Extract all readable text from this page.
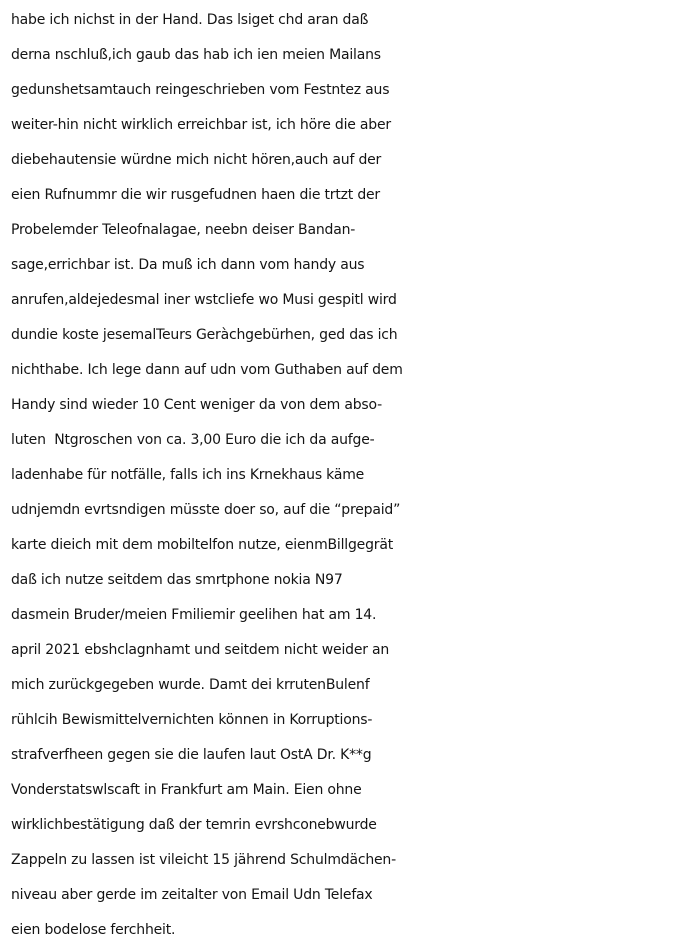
habe ich nichst in der Hand. Das lsiget chd aran daß
derna nschluß,ich gaub das hab ich ien meien Mailans
gedunshetsamtauch reingeschrieben vom Festntez aus
weiter-hin nicht wirklich erreichbar ist, ich höre die aber
diebehautensie würdne mich nicht hören,auch auf der
eien Rufnummr die wir rusgefudnen haen die trtzt der
Probelemder Teleofnalagae, neebn deiser Bandan-
sage,errichbar ist. Da muß ich dann vom handy aus
anrufen,aldejedesmal iner wstcliefe wo Musi gespitl wird
dundie koste jesemalTeurs Geràchgebürhen, ged das ich
nichthabe. Ich lege dann auf udn vom Guthaben auf dem
Handy sind wieder 10 Cent weniger da von dem abso-
luten  Ntgroschen von ca. 3,00 Euro die ich da aufge-
ladenhabe für notfälle, falls ich ins Krnekhaus käme
udnjemdn evrtsndigen müsste doer so, auf die “prepaid”
karte dieich mit dem mobiltelfon nutze, eienmBillgegrät
daß ich nutze seitdem das smrtphone nokia N97
dasmein Bruder/meien Fmiliemir geelihen hat am 14.
april 2021 ebshclagnhamt und seitdem nicht weider an
mich zurückgegeben wurde. Damt dei krrutenBulenf
rühlcih Bewismittelvernichten können in Korruptions-
strafverfheen gegen sie die laufen laut OstA Dr. K**g
Vonderstatswlscaft in Frankfurt am Main. Eien ohne
wirklichbestätigung daß der temrin evrshconebwurde
Zappeln zu lassen ist vileicht 15 jährend Schulmdächen-
niveau aber gerde im zeitalter von Email Udn Telefax
eien bodelose ferchheit.
